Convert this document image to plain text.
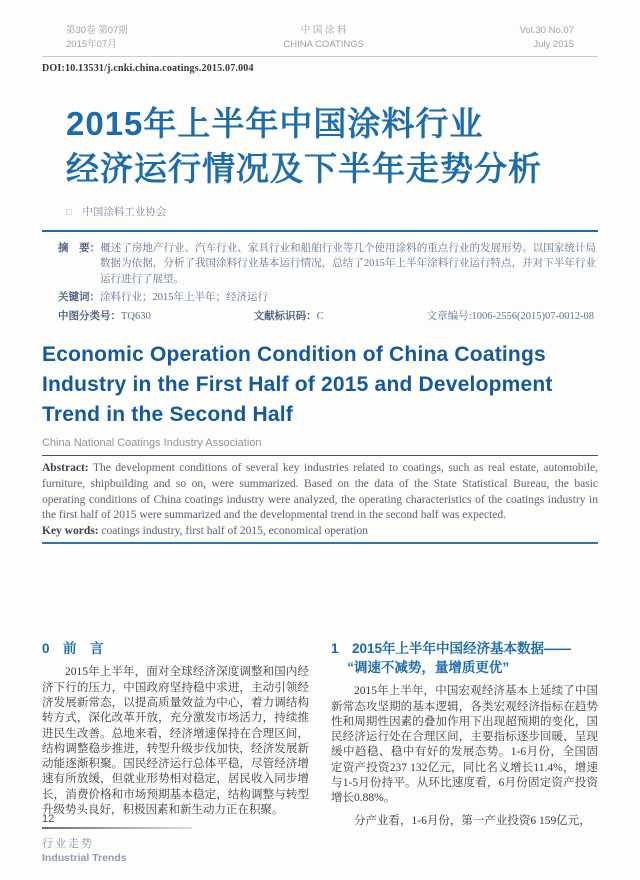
第30卷 第07期
2015年07月
中 国 涂 料
CHINA COATINGS
Vol.30 No.07
July 2015
DOI:10.13531/j.cnki.china.coatings.2015.07.004
2015年上半年中国涂料行业
经济运行情况及下半年走势分析
□ 中国涂料工业协会

摘　要：概述了房地产行业、汽车行业、家具行业和船舶行业等几个使用涂料的重点行业的发展形势。以国家统计局数据为依据，分析了我国涂料行业基本运行情况，总结了2015年上半年涂料行业运行特点，并对下半年行业运行进行了展望。

关键词：涂料行业；2015年上半年；经济运行

中图分类号：TQ630	文献标识码：C	文章编号:1006-2556(2015)07-0012-08
Economic Operation Condition of China Coatings Industry in the First Half of 2015 and Development Trend in the Second Half
China National Coatings Industry Association

Abstract: The development conditions of several key industries related to coatings, such as real estate, automobile, furniture, shipbuilding and so on, were summarized. Based on the data of the State Statistical Bureau, the basic operating conditions of China coatings industry were analyzed, the operating characteristics of the coatings industry in the first half of 2015 were summarized and the developmental trend in the second half was expected.

Key words: coatings industry, first half of 2015, economical operation

0　前　言

2015年上半年，面对全球经济深度调整和国内经济下行的压力，中国政府坚持稳中求进，主动引领经济发展新常态，以提高质量效益为中心，着力调结构转方式，深化改革开放，充分激发市场活力，持续推进民生改善。总地来看，经济增速保持在合理区间，结构调整稳步推进，转型升级步伐加快，经济发展新动能逐渐积聚。国民经济运行总体平稳，尽管经济增速有所放缓，但就业形势相对稳定，居民收入同步增长，消费价格和市场预期基本稳定，结构调整与转型升级势头良好，积极因素和新生动力正在积聚。

1　2015年上半年中国经济基本数据——
“调速不减势，量增质更优”

2015年上半年，中国宏观经济基本上延续了中国新常态攻坚期的基本逻辑，各类宏观经济指标在趋势性和周期性因素的叠加作用下出现超预期的变化，国民经济运行处在合理区间，主要指标逐步回暖，呈现缓中趋稳、稳中有好的发展态势。1-6月份，全国固定资产投资237 132亿元，同比名义增长11.4%，增速与1-5月份持平。从环比速度看，6月份固定资产投资增长0.88%。

分产业看，1-6月份，第一产业投资6 159亿元，

12
行业走势
Industrial Trends
